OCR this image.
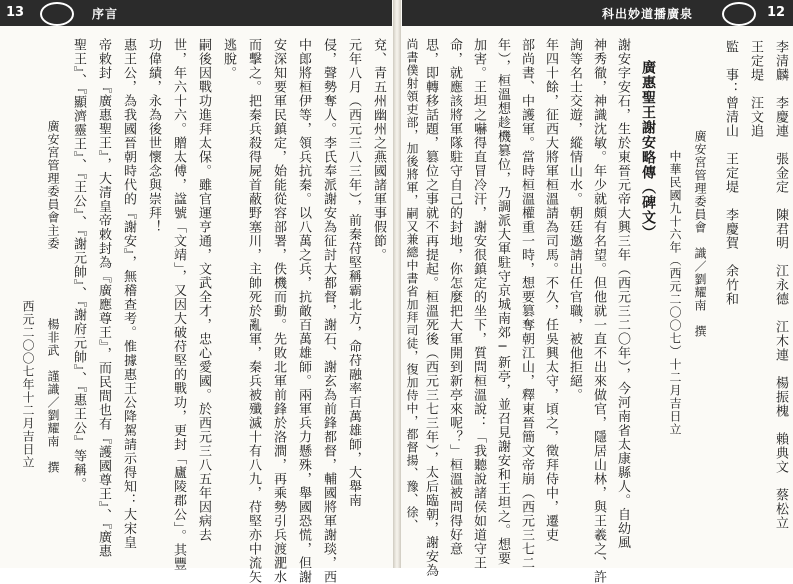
13	序言
兗、青五州幽州之燕國諸軍事假節。
元年八月（西元三八三年），前秦苻堅稱霸北方，命苻融率百萬雄師，大舉南
侵，聲勢奪人。李氏奉派謝安為征討大都督，謝石、謝玄為前鋒都督，輔國將軍謝琰，西
中郎將桓伊等，領兵抗秦。以八萬之兵，抗敵百萬雄師。兩軍兵力懸殊，舉國恐慌，但謝
安深知要軍民鎮定，始能從容部署，佚機而動。先敗北軍前鋒於洛澗，再乘勢引兵渡淝水
而擊之。把秦兵殺得屍首蔽野塞川，主帥死於亂軍，秦兵被殲滅十有八九，苻堅亦中流矢
逃脫。
嗣後因戰功進拜太保。雖官運亨通，文武全才，忠心愛國。於西元三八五年因病去
世，年六十六。贈太傅，諡號「文靖」，又因大破苻堅的戰功，更封「廬陵郡公」。其豐
功偉績，永為後世懷念與崇拜！
惠王公，為我國晉朝時代的『謝安』，無稽查考。惟據惠王公降駕請示得知：大宋皇
帝敕封『廣惠聖王』，大清皇帝敕封為『廣應尊王』，而民間也有『護國尊王』、『廣惠
聖王』、『顯濟靈王』、『王公』、『謝元帥』、『謝府元帥』、『惠王公』等稱。
廣安宮管理委員會主委
楊非武　謹識／劉耀南　撰
西元二〇〇七年十二月吉日立
科出妙道播廣泉	12
李清麟　李慶連　張金定　陳君明　江永德　江木連　楊振槐　賴典文　蔡松立
王定堤　汪文追
監　事：曾清山　王定堤　李慶賀　余竹和
廣安宮管理委員會　識／劉耀南　撰
中華民國九十六年（西元二〇〇七）十二月吉日立
廣惠聖王謝安略傳（碑文）
謝安字安石，生於東晉元帝大興三年（西元三二〇年），今河南省太康縣人。自幼風
神秀徹，神識沈敏。年少就頗有名望。但他就一直不出來做官，隱居山林，與王羲之、許
詢等名士交遊，縱情山水。朝廷邀請出任官職，被他拒絕。
年四十餘，征西大將軍桓溫請為司馬。不久，任吳興太守，頃之，徵拜侍中，遷吏
部尚書、中護軍。當時桓溫權重一時，想要篡奪朝江山，釋東晉簡文帝崩（西元三七二
年），桓溫想趁機篡位，乃調派大軍駐守京城南郊─新亭，並召見謝安和王坦之。想要
加害。王坦之嚇得直冒冷汗，謝安很鎮定的坐下，質問桓溫說：「我聽說諸侯如道守王
命，就應該將軍隊駐守自己的封地，你怎麼把大軍開到新亭來呢？」桓溫被問得好意
思，即轉移話題，篡位之事就不再提起。桓溫死後（西元三七三年），太后臨朝，謝安為
尚書僕射領吏部，加後將軍，嗣又兼總中書省加拜司徒，復加侍中，都督揚、豫、徐、
